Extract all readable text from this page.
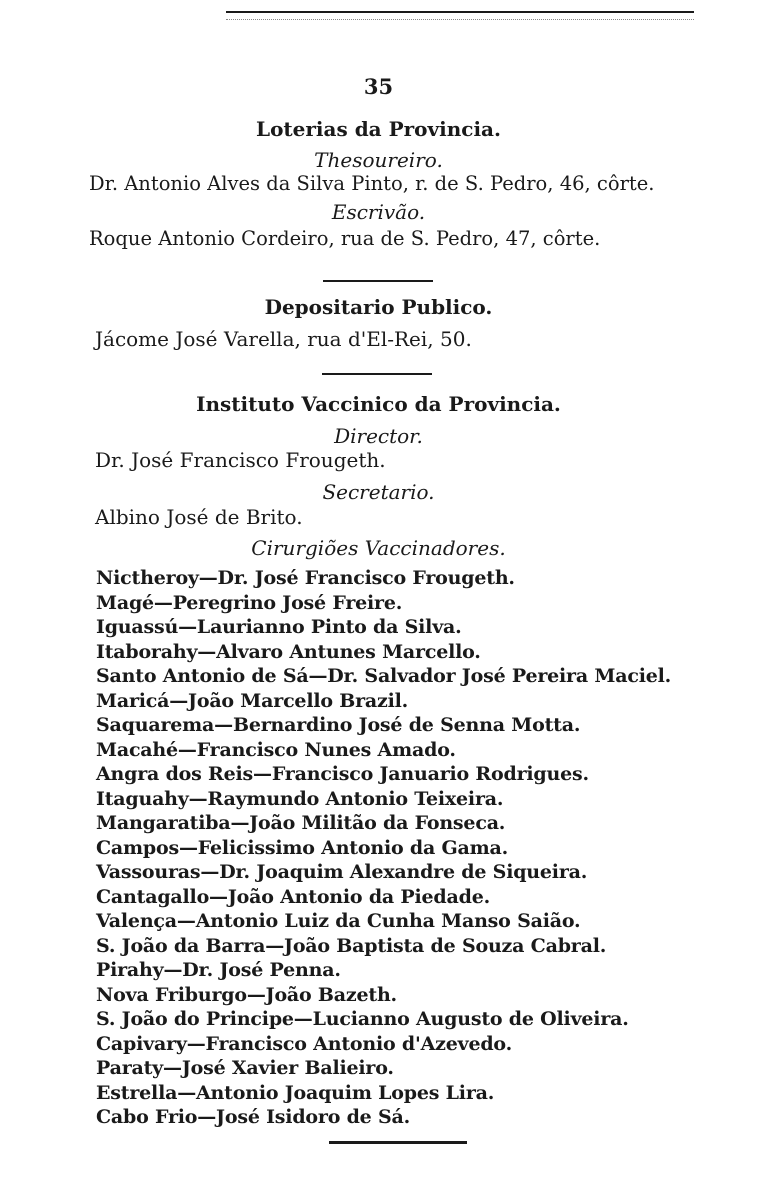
35
Loterias da Provincia.
Thesoureiro.
Dr. Antonio Alves da Silva Pinto, r. de S. Pedro, 46, côrte.
Escrivão.
Roque Antonio Cordeiro, rua de S. Pedro, 47, côrte.
Depositario Publico.
Jácome José Varella, rua d'El-Rei, 50.
Instituto Vaccinico da Provincia.
Director.
Dr. José Francisco Frougeth.
Secretario.
Albino José de Brito.
Cirurgiões Vaccinadores.
Nictheroy—Dr. José Francisco Frougeth.
Magé—Peregrino José Freire.
Iguassú—Laurianno Pinto da Silva.
Itaborahy—Alvaro Antunes Marcello.
Santo Antonio de Sá—Dr. Salvador José Pereira Maciel.
Maricá—João Marcello Brazil.
Saquarema—Bernardino José de Senna Motta.
Macahé—Francisco Nunes Amado.
Angra dos Reis—Francisco Januario Rodrigues.
Itaguahy—Raymundo Antonio Teixeira.
Mangaratiba—João Militão da Fonseca.
Campos—Felicissimo Antonio da Gama.
Vassouras—Dr. Joaquim Alexandre de Siqueira.
Cantagallo—João Antonio da Piedade.
Valença—Antonio Luiz da Cunha Manso Saião.
S. João da Barra—João Baptista de Souza Cabral.
Pirahy—Dr. José Penna.
Nova Friburgo—João Bazeth.
S. João do Principe—Lucianno Augusto de Oliveira.
Capivary—Francisco Antonio d'Azevedo.
Paraty—José Xavier Balieiro.
Estrella—Antonio Joaquim Lopes Lira.
Cabo Frio—José Isidoro de Sá.
